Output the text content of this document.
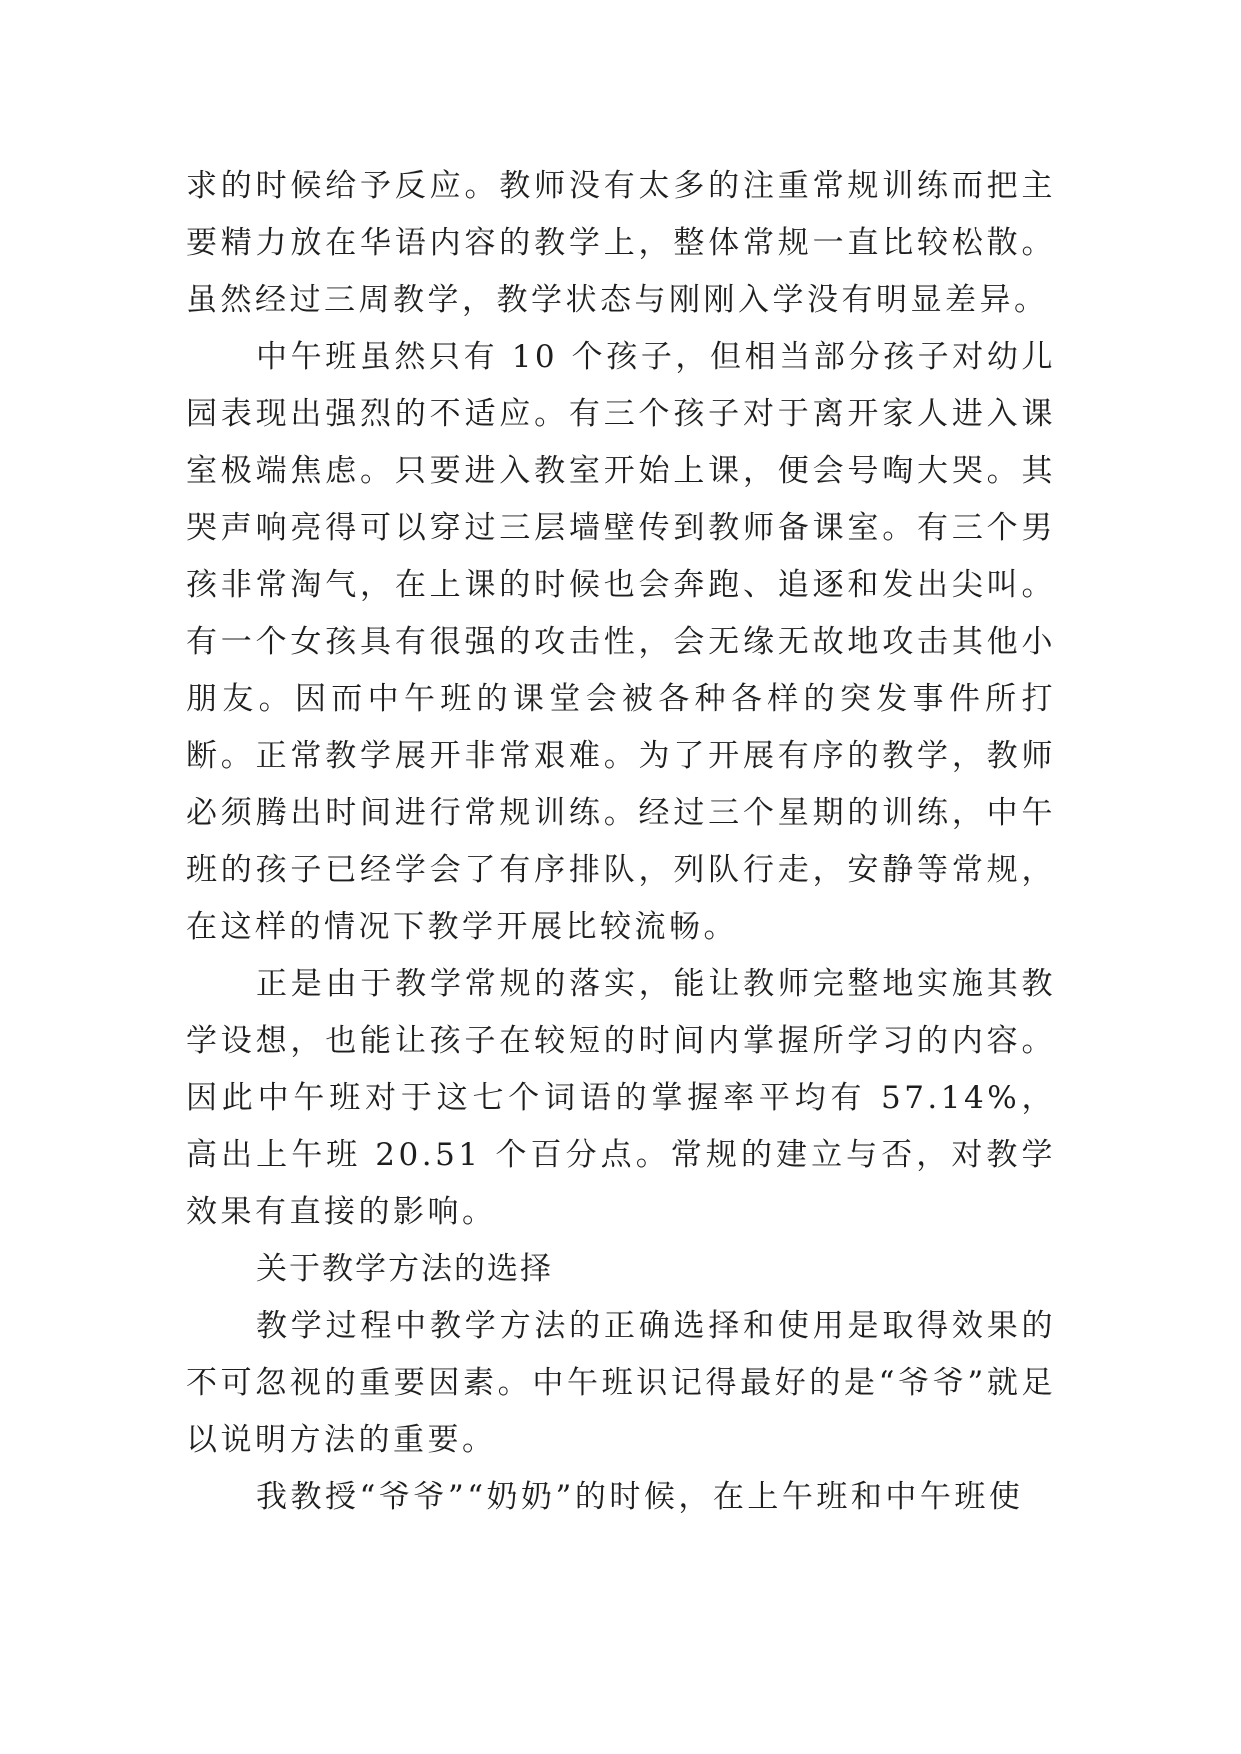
求的时候给予反应。教师没有太多的注重常规训练而把主要精力放在华语内容的教学上，整体常规一直比较松散。虽然经过三周教学，教学状态与刚刚入学没有明显差异。

中午班虽然只有 10 个孩子，但相当部分孩子对幼儿园表现出强烈的不适应。有三个孩子对于离开家人进入课室极端焦虑。只要进入教室开始上课，便会号啕大哭。其哭声响亮得可以穿过三层墙壁传到教师备课室。有三个男孩非常淘气，在上课的时候也会奔跑、追逐和发出尖叫。有一个女孩具有很强的攻击性，会无缘无故地攻击其他小朋友。因而中午班的课堂会被各种各样的突发事件所打断。正常教学展开非常艰难。为了开展有序的教学，教师必须腾出时间进行常规训练。经过三个星期的训练，中午班的孩子已经学会了有序排队，列队行走，安静等常规，在这样的情况下教学开展比较流畅。

正是由于教学常规的落实，能让教师完整地实施其教学设想，也能让孩子在较短的时间内掌握所学习的内容。因此中午班对于这七个词语的掌握率平均有 57.14%，高出上午班 20.51 个百分点。常规的建立与否，对教学效果有直接的影响。

关于教学方法的选择

教学过程中教学方法的正确选择和使用是取得效果的不可忽视的重要因素。中午班识记得最好的是“爷爷”就足以说明方法的重要。

我教授“爷爷”“奶奶”的时候，在上午班和中午班使
